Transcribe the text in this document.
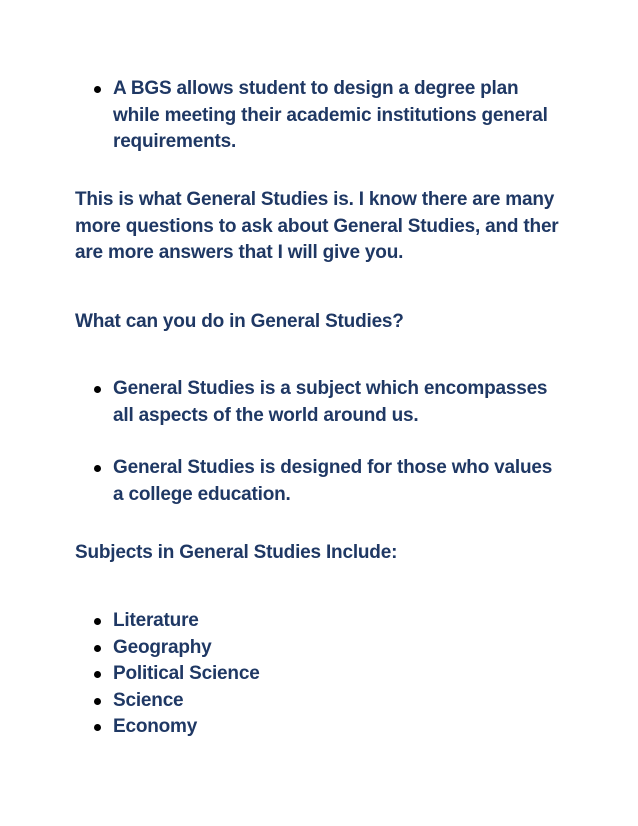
A BGS allows student to design a degree plan while meeting their academic institutions general requirements.

This is what General Studies is. I know there are many more questions to ask about General Studies, and ther are more answers that I will give you.

What can you do in General Studies?

General Studies is a subject which encompasses all aspects of the world around us.
General Studies is designed for those who values a college education.

Subjects in General Studies Include:

Literature
Geography
Political Science
Science
Economy
